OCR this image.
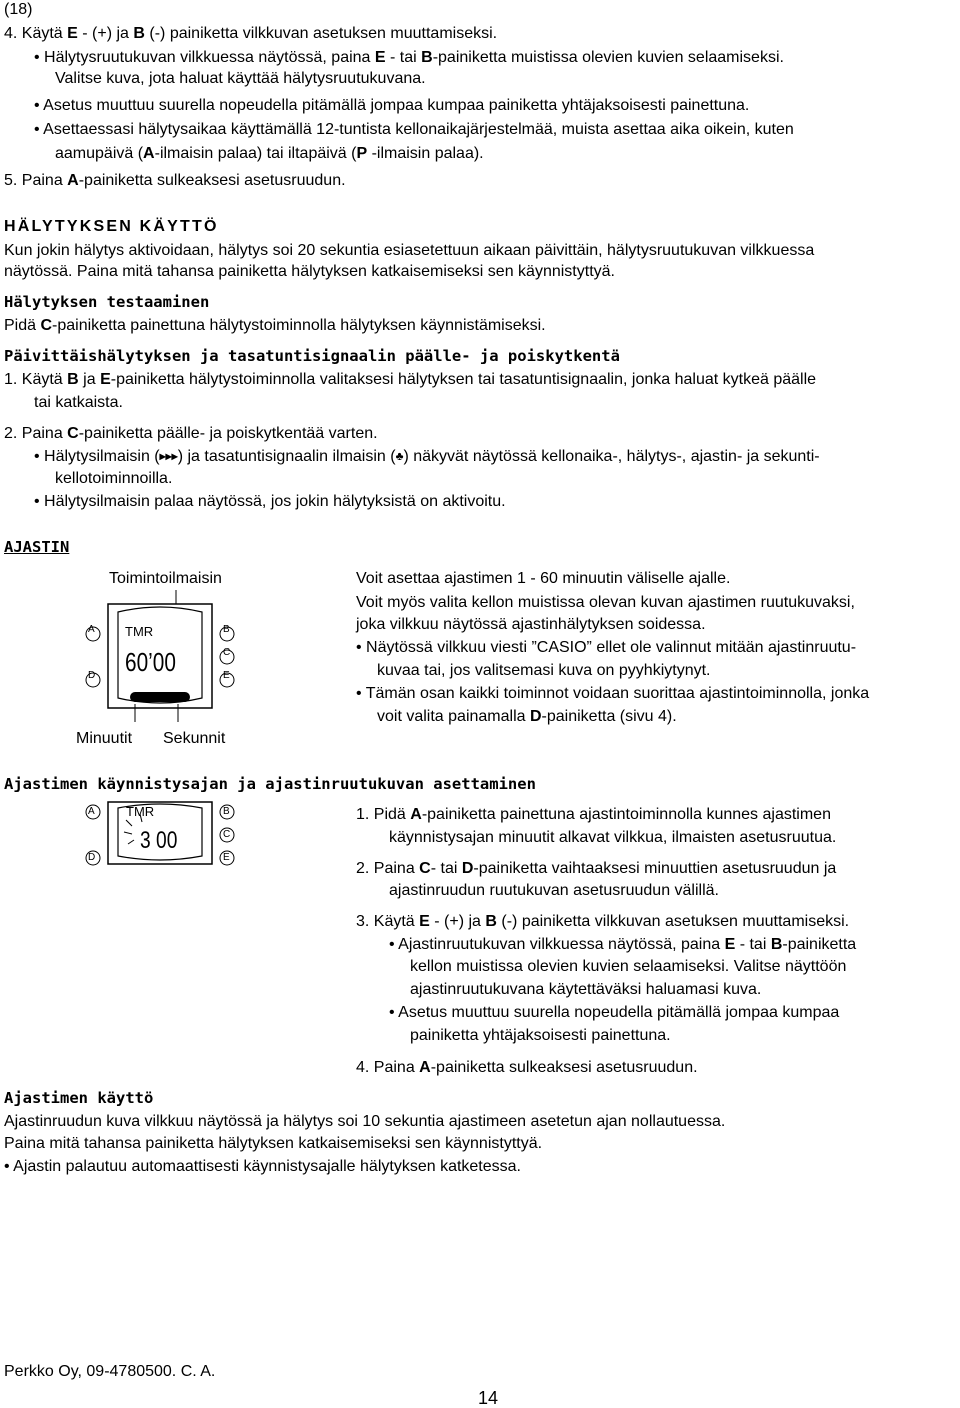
(18)
4. Käytä E - (+) ja B (-) painiketta vilkkuvan asetuksen muuttamiseksi.
• Hälytysruutukuvan vilkkuessa näytössä, paina E - tai B-painiketta muistissa olevien kuvien selaamiseksi.
Valitse kuva, jota haluat käyttää hälytysruutukuvana.
• Asetus muuttuu suurella nopeudella pitämällä jompaa kumpaa painiketta yhtäjaksoisesti painettuna.
• Asettaessasi hälytysaikaa käyttämällä 12-tuntista kellonaikajärjestelmää, muista asettaa aika oikein, kuten
aamupäivä (A-ilmaisin palaa) tai iltapäivä (P -ilmaisin palaa).
5. Paina A-painiketta sulkeaksesi asetusruudun.
HÄLYTYKSEN KÄYTTÖ
Kun jokin hälytys aktivoidaan, hälytys soi 20 sekuntia esiasetettuun aikaan päivittäin, hälytysruutukuvan vilkkuessa
näytössä. Paina mitä tahansa painiketta hälytyksen katkaisemiseksi sen käynnistyttyä.
Hälytyksen testaaminen
Pidä C-painiketta painettuna hälytystoiminnolla hälytyksen käynnistämiseksi.
Päivittäishälytyksen ja tasatuntisignaalin päälle- ja poiskytkentä
1. Käytä B ja E-painiketta hälytystoiminnolla valitaksesi hälytyksen tai tasatuntisignaalin, jonka haluat kytkeä päälle
tai katkaista.
2. Paina C-painiketta päälle- ja poiskytkentää varten.
• Hälytysilmaisin (▸▸▸) ja tasatuntisignaalin ilmaisin (♣) näkyvät näytössä kellonaika-, hälytys-, ajastin- ja sekunti-
kellotoiminnoilla.
• Hälytysilmaisin palaa näytössä, jos jokin hälytyksistä on aktivoitu.
AJASTIN
Toimintoilmaisin
A
D
B
C
E
TMR
60’00
Minuutit Sekunnit
Voit asettaa ajastimen 1 - 60 minuutin väliselle ajalle.
Voit myös valita kellon muistissa olevan kuvan ajastimen ruutukuvaksi,
joka vilkkuu näytössä ajastinhälytyksen soidessa.
• Näytössä vilkkuu viesti ”CASIO” ellet ole valinnut mitään ajastinruutu-
kuvaa tai, jos valitsemasi kuva on pyyhkiytynyt.
• Tämän osan kaikki toiminnot voidaan suorittaa ajastintoiminnolla, jonka
voit valita painamalla D-painiketta (sivu 4).
Ajastimen käynnistysajan ja ajastinruutukuvan asettaminen
A
D
B
C
E
TMR
3 00
1. Pidä A-painiketta painettuna ajastintoiminnolla kunnes ajastimen
käynnistysajan minuutit alkavat vilkkua, ilmaisten asetusruutua.
2. Paina C- tai D-painiketta vaihtaaksesi minuuttien asetusruudun ja
ajastinruudun ruutukuvan asetusruudun välillä.
3. Käytä E - (+) ja B (-) painiketta vilkkuvan asetuksen muuttamiseksi.
• Ajastinruutukuvan vilkkuessa näytössä, paina E - tai B-painiketta
kellon muistissa olevien kuvien selaamiseksi. Valitse näyttöön
ajastinruutukuvana käytettäväksi haluamasi kuva.
• Asetus muuttuu suurella nopeudella pitämällä jompaa kumpaa
painiketta yhtäjaksoisesti painettuna.
4. Paina A-painiketta sulkeaksesi asetusruudun.
Ajastimen käyttö
Ajastinruudun kuva vilkkuu näytössä ja hälytys soi 10 sekuntia ajastimeen asetetun ajan nollautuessa.
Paina mitä tahansa painiketta hälytyksen katkaisemiseksi sen käynnistyttyä.
• Ajastin palautuu automaattisesti käynnistysajalle hälytyksen katketessa.
Perkko Oy, 09-4780500. C. A.
14
